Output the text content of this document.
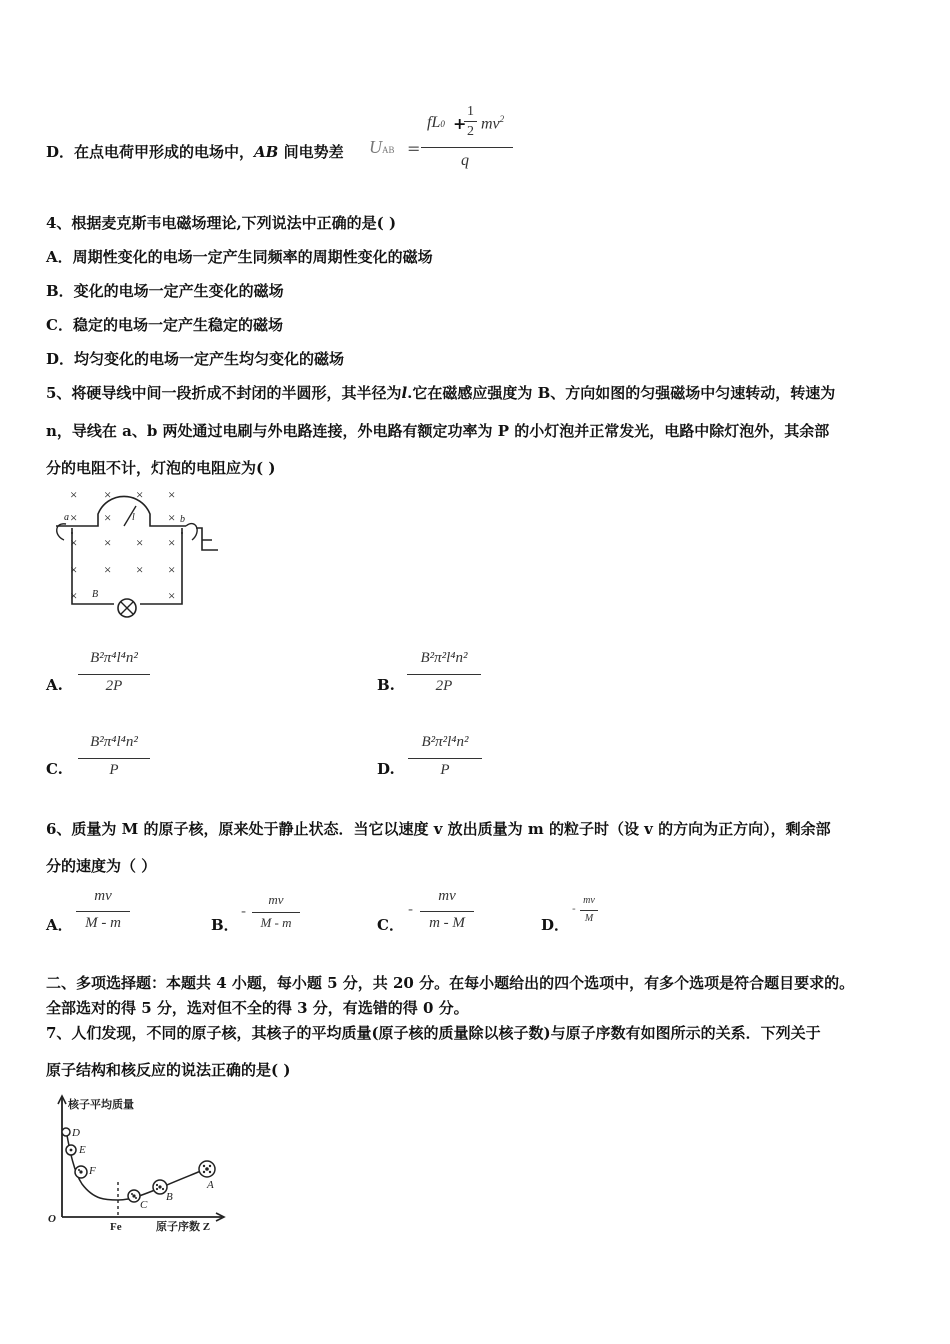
D．在点电荷甲形成的电场中，AB 间电势差 UAB =
fL0 +
1
2 $mv^2$
q
4、根据麦克斯韦电磁场理论,下列说法中正确的是( )
A．周期性变化的电场一定产生同频率的周期性变化的磁场
B．变化的电场一定产生变化的磁场
C．稳定的电场一定产生稳定的磁场
D．均匀变化的电场一定产生均匀变化的磁场
5、将硬导线中间一段折成不封闭的半圆形，其半径为l.它在磁感应强度为 B、方向如图的匀强磁场中匀速转动，转速为
n，导线在 a、b 两处通过电刷与外电路连接，外电路有额定功率为 P 的小灯泡并正常发光，电路中除灯泡外，其余部
分的电阻不计，灯泡的电阻应为( )
× × × ×
× ×	×
× × ×
×
× × × ×
×	×
a	b
l
B
A.
B²π⁴l⁴n²
2P	B.
B²π²l⁴n²
2P
C.
B²π⁴l⁴n²
P	D.
B²π²l⁴n²
P
6、质量为 M 的原子核，原来处于静止状态．当它以速度 v 放出质量为 m 的粒子时（设 v 的方向为正方向），剩余部
分的速度为（ ）
A．
mv
M - m	B．
-
mv
M - m	C．
-
mv
m - M	D．
-
mv
M
二、多项选择题：本题共 4 小题，每小题 5 分，共 20 分。在每小题给出的四个选项中，有多个选项是符合题目要求的。
全部选对的得 5 分，选对但不全的得 3 分，有选错的得 0 分。
7、人们发现，不同的原子核，其核子的平均质量(原子核的质量除以核子数)与原子序数有如图所示的关系．下列关于
原子结构和核反应的说法正确的是( )
核子平均质量
原子序数 Z
O
Fe
D
E
F
C
B
A
